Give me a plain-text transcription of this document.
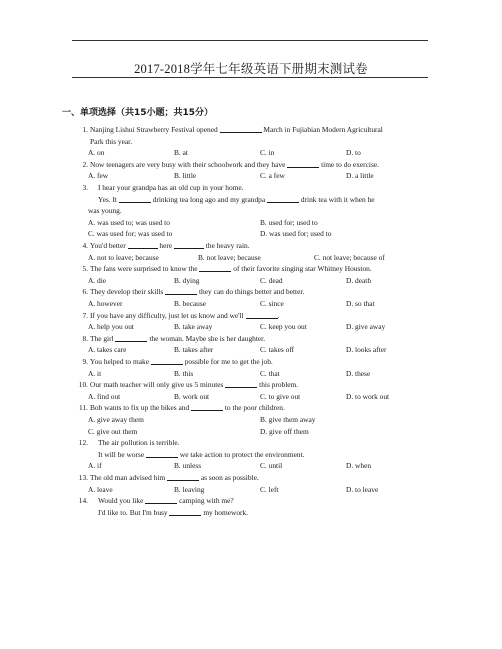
2017-2018学年七年级英语下册期末测试卷
一、单项选择（共15小题；共15分）
1. Nanjing Lishui Strawberry Festival opened	March in Fujiabian Modern Agricultural
Park this year.
A. on	B. at	C. in	D. to
2. Now teenagers are very busy with their schoolwork and they have	time to do exercise.
A. few	B. little	C. a few	D. a little
3. I hear your grandpa has an old cup in your home.
Yes. It	drinking tea long ago and my grandpa	drink tea with it when he
was young.
A. was used to; was used to	B. used for; used to
C. was used for; was used to	D. was used for; used to
4. You'd better	here	the heavy rain.
A. not to leave; because	B. not leave; because	C. not leave; because of
5. The fans were surprised to know the	of their favorite singing star Whitney Houston.
A. die	B. dying	C. dead	D. death
6. They develop their skills	they can do things better and better.
A. however	B. because	C. since	D. so that
7. If you have any difficulty, just let us know and we'll	.
A. help you out	B. take away	C. keep you out	D. give away
8. The girl	the woman. Maybe she is her daughter.
A. takes care	B. takes after	C. takes off	D. looks after
9. You helped to make	possible for me to get the job.
A. it	B. this	C. that	D. these
10. Our math teacher will only give us 5 minutes	this problem.
A. find out	B. work out	C. to give out	D. to work out
11. Bob wants to fix up the bikes and	to the poor children.
A. give away them	B. give them away
C. give out them	D. give off them
12. The air pollution is terrible.
It will be worse	we take action to protect the environment.
A. if	B. unless	C. until	D. when
13. The old man advised him	as soon as possible.
A. leave	B. leaving	C. left	D. to leave
14. Would you like	camping with me?
I'd like to. But I'm busy	my homework.
